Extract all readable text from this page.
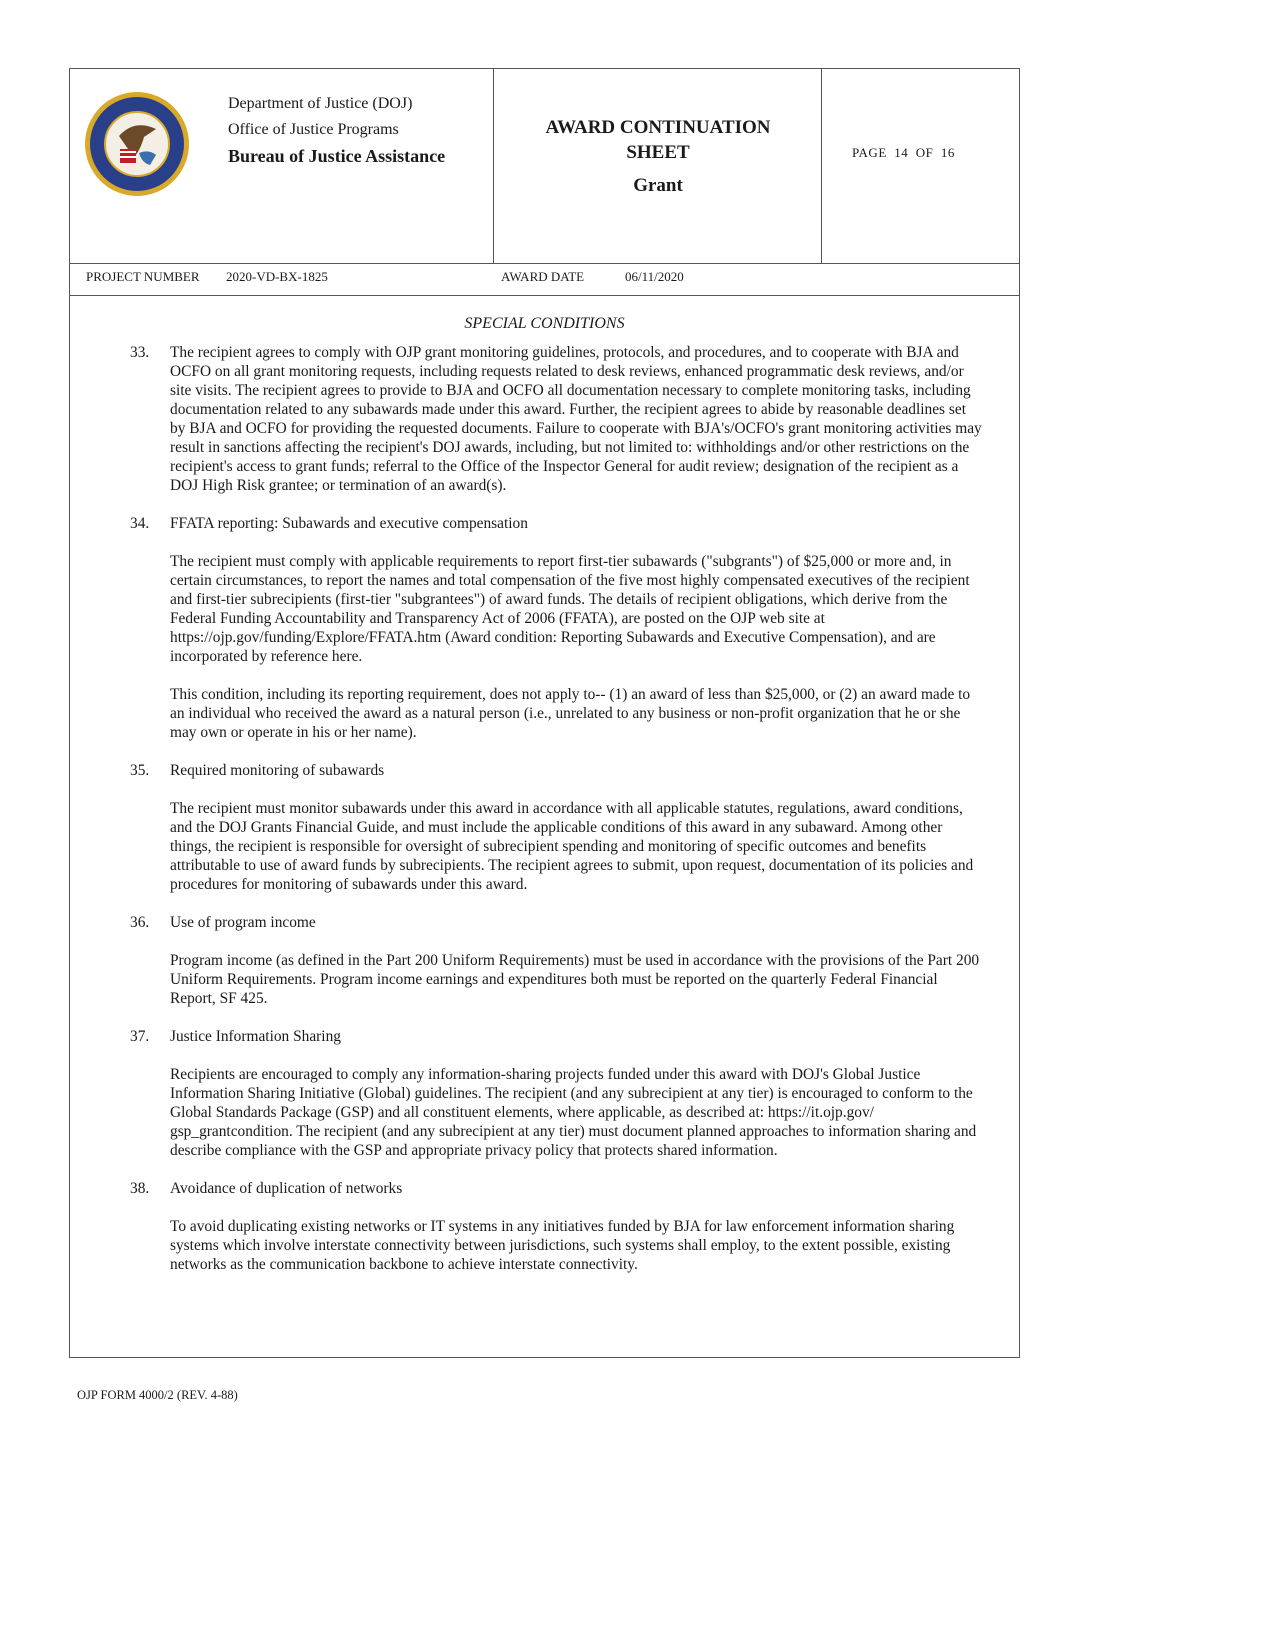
Department of Justice (DOJ)
Office of Justice Programs
Bureau of Justice Assistance
AWARD CONTINUATION
SHEET
Grant
PAGE  14  OF  16
PROJECT NUMBER 2020-VD-BX-1825	AWARD DATE	06/11/2020
SPECIAL CONDITIONS
33.	The recipient agrees to comply with OJP grant monitoring guidelines, protocols, and procedures, and to cooperate with BJA and OCFO on all grant monitoring requests, including requests related to desk reviews, enhanced programmatic desk reviews, and/or site visits. The recipient agrees to provide to BJA and OCFO all documentation necessary to complete monitoring tasks, including documentation related to any subawards made under this award. Further, the recipient agrees to abide by reasonable deadlines set by BJA and OCFO for providing the requested documents. Failure to cooperate with BJA's/OCFO's grant monitoring activities may result in sanctions affecting the recipient's DOJ awards, including, but not limited to: withholdings and/or other restrictions on the recipient's access to grant funds; referral to the Office of the Inspector General for audit review; designation of the recipient as a DOJ High Risk grantee; or termination of an award(s).

34.	FFATA reporting: Subawards and executive compensation

The recipient must comply with applicable requirements to report first-tier subawards ("subgrants") of $25,000 or more and, in certain circumstances, to report the names and total compensation of the five most highly compensated executives of the recipient and first-tier subrecipients (first-tier "subgrantees") of award funds. The details of recipient obligations, which derive from the Federal Funding Accountability and Transparency Act of 2006 (FFATA), are posted on the OJP web site at https://ojp.gov/funding/Explore/FFATA.htm (Award condition: Reporting Subawards and Executive Compensation), and are incorporated by reference here.

This condition, including its reporting requirement, does not apply to-- (1) an award of less than $25,000, or (2) an award made to an individual who received the award as a natural person (i.e., unrelated to any business or non-profit organization that he or she may own or operate in his or her name).

35.	Required monitoring of subawards

The recipient must monitor subawards under this award in accordance with all applicable statutes, regulations, award conditions, and the DOJ Grants Financial Guide, and must include the applicable conditions of this award in any subaward. Among other things, the recipient is responsible for oversight of subrecipient spending and monitoring of specific outcomes and benefits attributable to use of award funds by subrecipients. The recipient agrees to submit, upon request, documentation of its policies and procedures for monitoring of subawards under this award.

36.	Use of program income

Program income (as defined in the Part 200 Uniform Requirements) must be used in accordance with the provisions of the Part 200 Uniform Requirements. Program income earnings and expenditures both must be reported on the quarterly Federal Financial Report, SF 425.

37.	Justice Information Sharing

Recipients are encouraged to comply any information-sharing projects funded under this award with DOJ's Global Justice Information Sharing Initiative (Global) guidelines. The recipient (and any subrecipient at any tier) is encouraged to conform to the Global Standards Package (GSP) and all constituent elements, where applicable, as described at: https://it.ojp.gov/ gsp_grantcondition. The recipient (and any subrecipient at any tier) must document planned approaches to information sharing and describe compliance with the GSP and appropriate privacy policy that protects shared information.

38.	Avoidance of duplication of networks

To avoid duplicating existing networks or IT systems in any initiatives funded by BJA for law enforcement information sharing systems which involve interstate connectivity between jurisdictions, such systems shall employ, to the extent possible, existing networks as the communication backbone to achieve interstate connectivity.

OJP FORM 4000/2 (REV. 4-88)
